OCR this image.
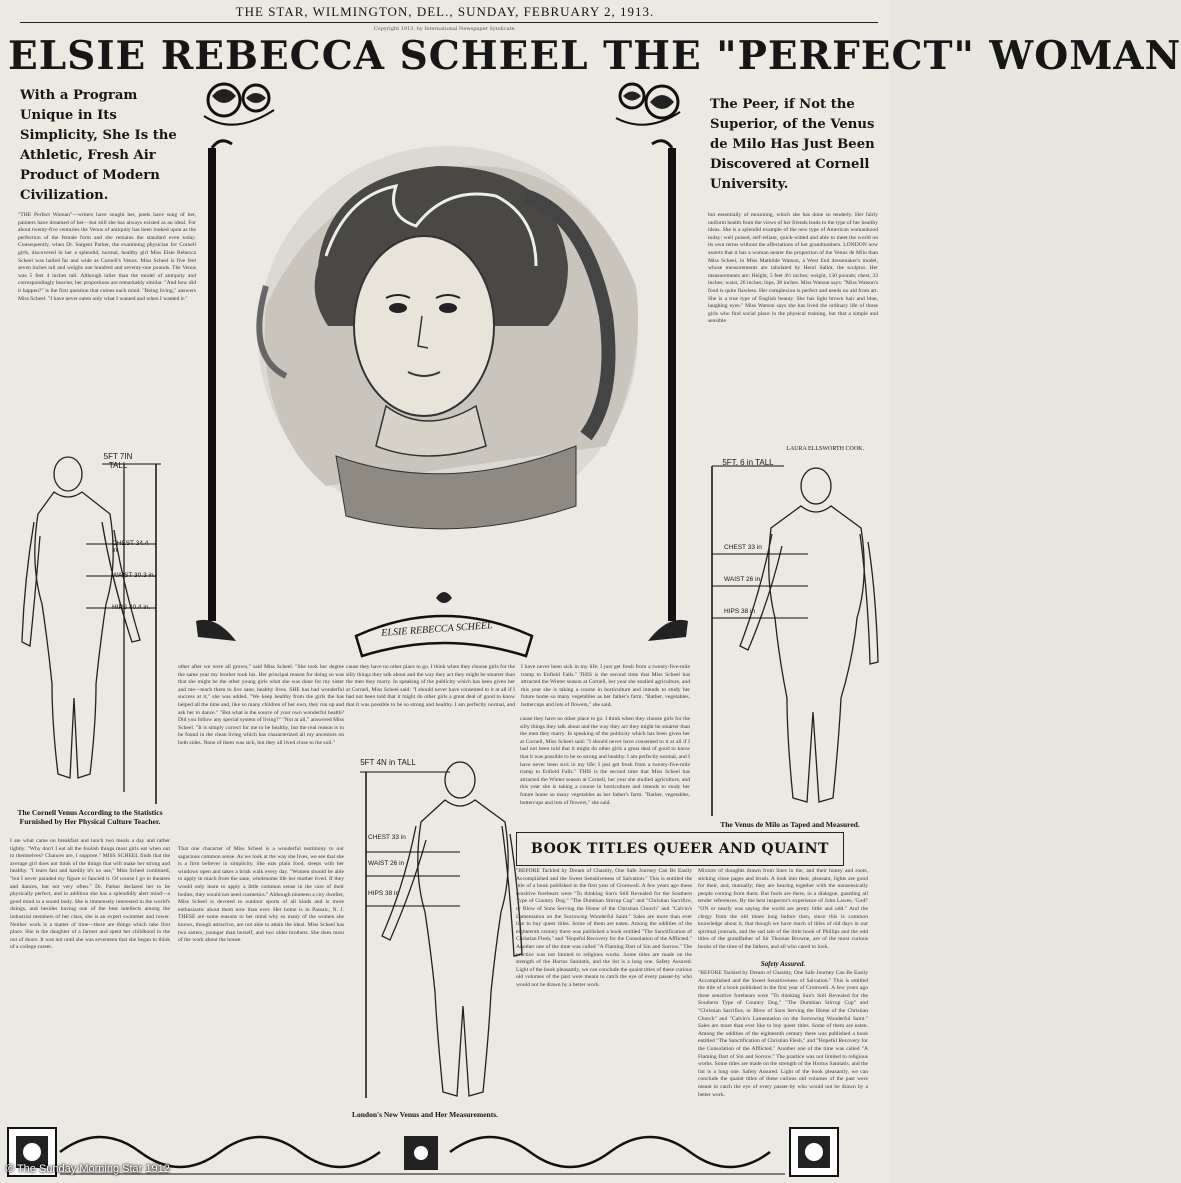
THE STAR, WILMINGTON, DEL., SUNDAY, FEBRUARY 2, 1913.
Copyright 1913, by International Newspaper Syndicate.
ELSIE REBECCA SCHEEL THE "PERFECT" WOMAN
With a Program Unique in Its Simplicity, She Is the Athletic, Fresh Air Product of Modern Civilization.
The Peer, if Not the Superior, of the Venus de Milo Has Just Been Discovered at Cornell University.

"THE Perfect Woman"—writers have sought her, poets have sung of her, painters have dreamed of her—but still she has always existed as an ideal. For about twenty-five centuries the Venus of antiquity has been looked upon as the perfection of the female form and she remains the standard even today. Consequently, when Dr. Sargent Parker, the examining physician for Cornell girls, discovered in her a splendid, normal, healthy girl Miss Elsie Rebecca Scheel was hailed far and wide as Cornell's Venus. Miss Scheel is five feet seven inches tall and weighs one hundred and seventy-one pounds. The Venus was 5 feet 4 inches tall. Although taller than the model of antiquity and correspondingly heavier, her proportions are remarkably similar. "And how did it happen?" is the first question that comes each mind. "Being living," answers Miss Scheel. "I have never eaten only what I wanted and when I wanted it."

but essentially of mourning, which she has done so tenderly. Her fairly uniform health from the views of her friends leads to the type of her healthy ideas. She is a splendid example of the new type of American womanhood today: well poised, self-reliant, quick-witted and able to meet the world on its own terms without the affectations of her grandmothers. LONDON now asserts that it has a woman nearer the proportion of the Venus de Milo than Miss Scheel, in Miss Mathilde Watson, a West End dressmaker's model, whose measurements are tabulated by Henri Sallot, the sculptor. Her measurements are: Height, 5 feet 4½ inches; weight, 130 pounds; chest, 33 inches; waist, 26 inches; hips, 38 inches. Miss Watson says: "Miss Watson's food is quite flawless. Her complexion is perfect and needs no aid from art. She is a true type of English beauty. She has light brown hair and blue, laughing eyes." Miss Watson says she has lived the ordinary life of those girls who find social place in the physical training, but that a simple and sensible

LAURA ELLSWORTH COOK.
ELSIE REBECCA SCHEEL
5FT 7IN TALL
CHEST 34.4 in.
WAIST 30.3 in.
HIPS 40.4 in.
The Cornell Venus According to the Statistics Furnished by Her Physical Culture Teacher.

I ate what came on breakfast and lunch two meals a day and rather lightly. "Why don't I eat all the foolish things most girls eat when out to themselves? Chances are, I suppose." MISS SCHEEL finds that the average girl does not think of the things that will make her strong and healthy. "I learn fast and hardily it's no use," Miss Scheel continued, "but I never paraded my figure or fancied it. Of course I go to theatres and dances, but not very often." Dr. Parker declared her to be physically perfect, and in addition she has a splendidly alert mind—a good mind in a sound body. She is immensely interested in the world's doings, and besides having one of the best intellects among the industrial members of her class, she is an expert swimmer and rower. Neither work is a matter of time—there are things which take first place. She is the daughter of a farmer and spent her childhood in the out of doors. It was not until she was seventeen that she began to think of a college career.

other after we were all grown," said Miss Scheel. "She took her degree the same year my brother took his. Her principal reason for doing so was that she might be the other young girls what she was done for my sister and me—teach them to live sane, healthy lives. SHE has had wonderful success at it," she was added. "We keep healthy from the girls the has helped all the time and, like so many children of her own, they run up and ask her to dance." "But what is the source of your own wonderful health? Did you follow any special system of living?" "Not at all," answered Miss Scheel. "It is simply correct for me to be healthy, but the real reason is to be found in the clean living which has characterized all my ancestors on both sides. None of them was sick, but they all lived close to the soil."

That one character of Miss Scheel is a wonderful testimony to our sagacious common sense. As we look at the way she lives, we see that she is a firm believer in simplicity. She eats plain food, sleeps with her windows open and takes a brisk walk every day. "Women should be able to apply in much from the sane, wholesome life her mother lived. If they would only learn to apply a little common sense in the care of their bodies, they would not need cosmetics." Although nineteen a city dweller, Miss Scheel is devoted to outdoor sports of all kinds and is more enthusiastic about them now than ever. Her home is in Passaic, N. J. THESE are some reasons to her mind why so many of the women she knows, though attractive, are not able to attain the ideal. Miss Scheel has two sisters, younger than herself, and two older brothers. She does most of the work about the house.

cause they have no other place to go. I think when they choose girls for the silly things they talk about and the way they act they might be smarter than the men they marry. In speaking of the publicity which has been given her at Cornell, Miss Scheel said: "I should never have consented to it at all if I had not been told that it might do other girls a great deal of good to know that it was possible to be so strong and healthy. I am perfectly normal, and I have never been sick in my life; I just get fresh from a twenty-five-mile tramp to Enfield Falls." THIS is the second time that Miss Scheel has attracted the Winter season at Cornell, her year she studied agriculture, and this year she is taking a course in horticulture and intends to study her future home so many vegetables as her father's farm. "Rather, vegetables, buttercups and lots of flowers," she said.

5FT 4N in TALL
CHEST 33 in
WAIST 26 in
HIPS 38 in
London's New Venus and Her Measurements.
5FT. 6 in TALL
CHEST 33 in
WAIST 26 in
HIPS 38 in
The Venus de Milo as Taped and Measured.

cause they have no other place to go. I think when they choose girls for the silly things they talk about and the way they act they might be smarter than the men they marry. In speaking of the publicity which has been given her at Cornell, Miss Scheel said: "I should never have consented to it at all if I had not been told that it might do other girls a great deal of good to know that it was possible to be so strong and healthy. I am perfectly normal, and I have never been sick in my life; I just get fresh from a twenty-five-mile tramp to Enfield Falls." THIS is the second time that Miss Scheel has attracted the Winter season at Cornell, her year she studied agriculture, and this year she is taking a course in horticulture and intends to study her future home so many vegetables as her father's farm. "Rather, vegetables, buttercups and lots of flowers," she said.

BOOK TITLES QUEER AND QUAINT

"BEFORE Tackled by Dream of Chastity, One Safe Journey Can Be Easily Accomplished and the Sweet Sensitiveness of Salvation." This is entitled the title of a book published in the first year of Cromwell. A few years ago these sensitive forebears were "To thinking Sun's Still Revealed for the Southern Type of Country Dog." "The Dumbian Stirrup Cup" and "Christian Sacrifice, or Blow of Sons Serving the Home of the Christian Church" and "Calvin's Lamentation on the Sorrowing Wonderful Saint." Sales are more than ever like to buy queer titles. Some of them are eaten. Among the oddities of the eighteenth century there was published a book entitled "The Sanctification of Christian Flesh," and "Hopeful Recovery for the Consolation of the Afflicted." Another one of the time was called "A Flaming Dart of Sin and Sorrow." The practice was not limited to religious works. Some titles are made on the strength of the Hortus Sanitatis, and the list is a long one. Safety Assured. Light of the book pleasantly, we can conclude the quaint titles of these curious old volumes of the past were meant to catch the eye of every passer-by who would not be drawn by a better work.

Mixture of thoughts drawn from lines in the, and their honey and roots, sticking close pages and brush. A look into their, pleasant, lights are good for their, and, mutually; they are hearing together with the nonsensically people coming from them. But fools are there, in a dialogue, guarding all tender references. By the best inspector's experience of John Lawes, 'God!' "ON or nearly was saying the world are pretty little and odd." And the clergy from the old times long before then, since this is common knowledge about it, that though we have much of titles of old days in our spiritual journals, and the sad tale of the little book of Phillips and the odd titles of the grandfather of Sir Thomas Browne, are of the most curious books of the time of the fathers, and all who cared to look.

Safety Assured.

"BEFORE Tackled by Dream of Chastity, One Safe Journey Can Be Easily Accomplished and the Sweet Sensitiveness of Salvation." This is entitled the title of a book published in the first year of Cromwell. A few years ago these sensitive forebears were "To thinking Sun's Still Revealed for the Southern Type of Country Dog." "The Dumbian Stirrup Cup" and "Christian Sacrifice, or Blow of Sons Serving the Home of the Christian Church" and "Calvin's Lamentation on the Sorrowing Wonderful Saint." Sales are more than ever like to buy queer titles. Some of them are eaten. Among the oddities of the eighteenth century there was published a book entitled "The Sanctification of Christian Flesh," and "Hopeful Recovery for the Consolation of the Afflicted." Another one of the time was called "A Flaming Dart of Sin and Sorrow." The practice was not limited to religious works. Some titles are made on the strength of the Hortus Sanitatis, and the list is a long one. Safety Assured. Light of the book pleasantly, we can conclude the quaint titles of these curious old volumes of the past were meant to catch the eye of every passer-by who would not be drawn by a better work.

© The Sunday Morning Star 1912
